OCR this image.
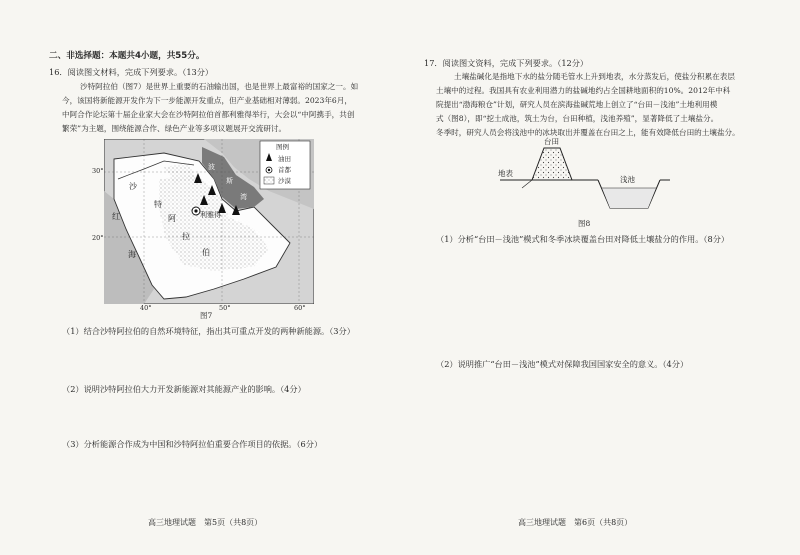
二、非选择题：本题共4小题，共55分。
16．阅读图文材料，完成下列要求。（13分）
沙特阿拉伯（图7）是世界上重要的石油输出国，也是世界上最富裕的国家之一。如
今，该国将新能源开发作为下一步能源开发重点，但产业基础相对薄弱。2023年6月，
中阿合作论坛第十届企业家大会在沙特阿拉伯首都利雅得举行，大会以“中阿携手，共创
繁荣”为主题，围绕能源合作、绿色产业等多项议题展开交流研讨。
利雅得
沙
特
阿
拉
伯
红
海
波
斯
湾
图例
油田
首都
沙漠
30°
20°
40°	50°	60°
图7
（1）结合沙特阿拉伯的自然环境特征，指出其可重点开发的两种新能源。（3分）
（2）说明沙特阿拉伯大力开发新能源对其能源产业的影响。（4分）
（3）分析能源合作成为中国和沙特阿拉伯重要合作项目的依据。（6分）
高三地理试题　第5页（共8页）
17．阅读图文资料，完成下列要求。（12分）
土壤盐碱化是指地下水的盐分随毛管水上升到地表，水分蒸发后，使盐分积累在表层
土壤中的过程。我国具有农业利用潜力的盐碱地约占全国耕地面积的10%。2012年中科
院提出“渤海粮仓”计划，研究人员在滨海盐碱荒地上创立了“台田－浅池”土地利用模
式（图8），即“挖土成池，筑土为台，台田种植，浅池养殖”，显著降低了土壤盐分。
冬季时，研究人员会将浅池中的冰块取出并覆盖在台田之上，能有效降低台田的土壤盐分。
台田
地表
浅池
图8
（1）分析“台田－浅池”模式和冬季冰块覆盖台田对降低土壤盐分的作用。（8分）
（2）说明推广“台田－浅池”模式对保障我国国家安全的意义。（4分）
高三地理试题　第6页（共8页）
